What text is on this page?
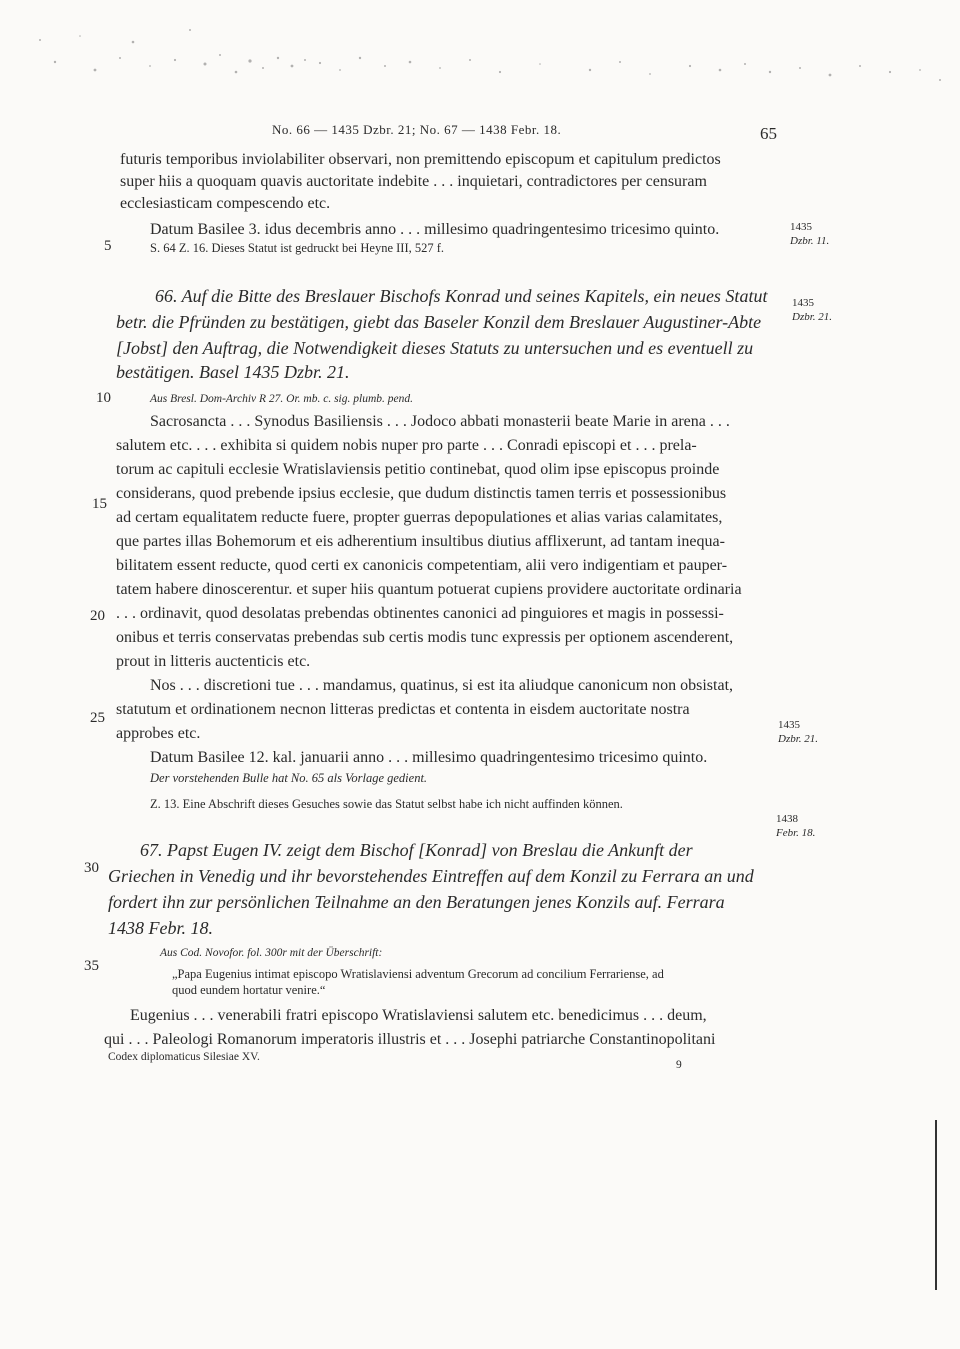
No. 66 — 1435 Dzbr. 21; No. 67 — 1438 Febr. 18.	65
futuris temporibus inviolabiliter observari, non premittendo episcopum et capitulum predictos
super hiis a quoquam quavis auctoritate indebite . . . inquietari, contradictores per censuram
ecclesiasticam compescendo etc.
Datum Basilee 3. idus decembris anno . . . millesimo quadringentesimo tricesimo quinto.
S. 64 Z. 16. Dieses Statut ist gedruckt bei Heyne III, 527 f.
66. Auf die Bitte des Breslauer Bischofs Konrad und seines Kapitels, ein neues Statut
betr. die Pfründen zu bestätigen, giebt das Baseler Konzil dem Breslauer Augustiner-Abte
[Jobst] den Auftrag, die Notwendigkeit dieses Statuts zu untersuchen und es eventuell zu
bestätigen. Basel 1435 Dzbr. 21.
Aus Bresl. Dom-Archiv R 27. Or. mb. c. sig. plumb. pend.
Sacrosancta . . . Synodus Basiliensis . . . Jodoco abbati monasterii beate Marie in arena . . .
salutem etc. . . . exhibita si quidem nobis nuper pro parte . . . Conradi episcopi et . . . prela-
torum ac capituli ecclesie Wratislaviensis petitio continebat, quod olim ipse episcopus proinde
considerans, quod prebende ipsius ecclesie, que dudum distinctis tamen terris et possessionibus
ad certam equalitatem reducte fuere, propter guerras depopulationes et alias varias calamitates,
que partes illas Bohemorum et eis adherentium insultibus diutius afflixerunt, ad tantam inequa-
bilitatem essent reducte, quod certi ex canonicis competentiam, alii vero indigentiam et pauper-
tatem habere dinoscerentur. et super hiis quantum potuerat cupiens providere auctoritate ordinaria
. . . ordinavit, quod desolatas prebendas obtinentes canonici ad pinguiores et magis in possessi-
onibus et terris conservatas prebendas sub certis modis tunc expressis per optionem ascenderent,
prout in litteris auctenticis etc.
Nos . . . discretioni tue . . . mandamus, quatinus, si est ita aliudque canonicum non obsistat,
statutum et ordinationem necnon litteras predictas et contenta in eisdem auctoritate nostra
approbes etc.
Datum Basilee 12. kal. januarii anno . . . millesimo quadringentesimo tricesimo quinto.
Der vorstehenden Bulle hat No. 65 als Vorlage gedient.
Z. 13. Eine Abschrift dieses Gesuches sowie das Statut selbst habe ich nicht auffinden können.
67. Papst Eugen IV. zeigt dem Bischof [Konrad] von Breslau die Ankunft der
Griechen in Venedig und ihr bevorstehendes Eintreffen auf dem Konzil zu Ferrara an und
fordert ihn zur persönlichen Teilnahme an den Beratungen jenes Konzils auf. Ferrara
1438 Febr. 18.
Aus Cod. Novofor. fol. 300r mit der Überschrift:
„Papa Eugenius intimat episcopo Wratislaviensi adventum Grecorum ad concilium Ferrariense, ad
quod eundem hortatur venire.“
Eugenius . . . venerabili fratri episcopo Wratislaviensi salutem etc. benedicimus . . . deum,
qui . . . Paleologi Romanorum imperatoris illustris et . . . Josephi patriarche Constantinopolitani
Codex diplomaticus Silesiae XV.
9
1435
Dzbr. 11.
1435
Dzbr. 21.
1435
Dzbr. 21.
1438
Febr. 18.
5
10
15
20
25
30
35
